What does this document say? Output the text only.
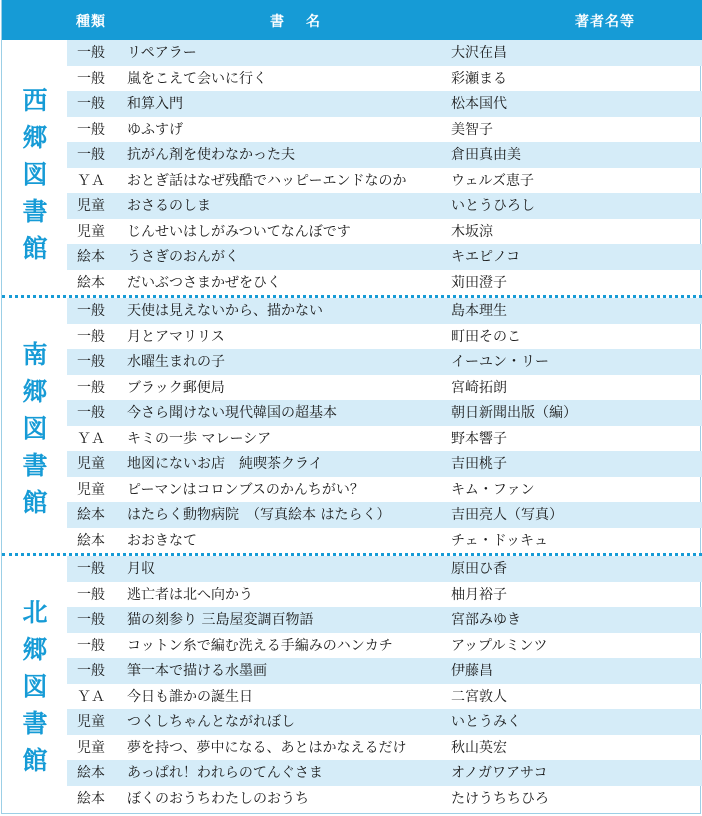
種類	書名	著者名等
西
郷
図
書
館
一般	リペアラー	大沢在昌
一般	嵐をこえて会いに行く	彩瀬まる
一般	和算入門	松本国代
一般	ゆふすげ	美智子
一般	抗がん剤を使わなかった夫	倉田真由美
ＹＡ	おとぎ話はなぜ残酷でハッピーエンドなのか	ウェルズ恵子
児童	おさるのしま	いとうひろし
児童	じんせいはしがみついてなんぼです	木坂涼
絵本	うさぎのおんがく	キエピノコ
絵本	だいぶつさまかぜをひく	苅田澄子
南
郷
図
書
館
一般	天使は見えないから、描かない	島本理生
一般	月とアマリリス	町田そのこ
一般	水曜生まれの子	イーユン・リー
一般	ブラック郵便局	宮崎拓朗
一般	今さら聞けない現代韓国の超基本	朝日新聞出版（編）
ＹＡ	キミの一歩 マレーシア	野本響子
児童	地図にないお店　純喫茶クライ	吉田桃子
児童	ピーマンはコロンブスのかんちがい？	キム・ファン
絵本	はたらく動物病院　（写真絵本 はたらく）	吉田亮人（写真）
絵本	おおきなて	チェ・ドッキュ
北
郷
図
書
館
一般	月収	原田ひ香
一般	逃亡者は北へ向かう	柚月裕子
一般	猫の刻参り 三島屋変調百物語	宮部みゆき
一般	コットン糸で編む洗える手編みのハンカチ	アップルミンツ
一般	筆一本で描ける水墨画	伊藤昌
ＹＡ	今日も誰かの誕生日	二宮敦人
児童	つくしちゃんとながれぼし	いとうみく
児童	夢を持つ、夢中になる、あとはかなえるだけ	秋山英宏
絵本	あっぱれ！われらのてんぐさま	オノガワアサコ
絵本	ぼくのおうちわたしのおうち	たけうちちひろ
